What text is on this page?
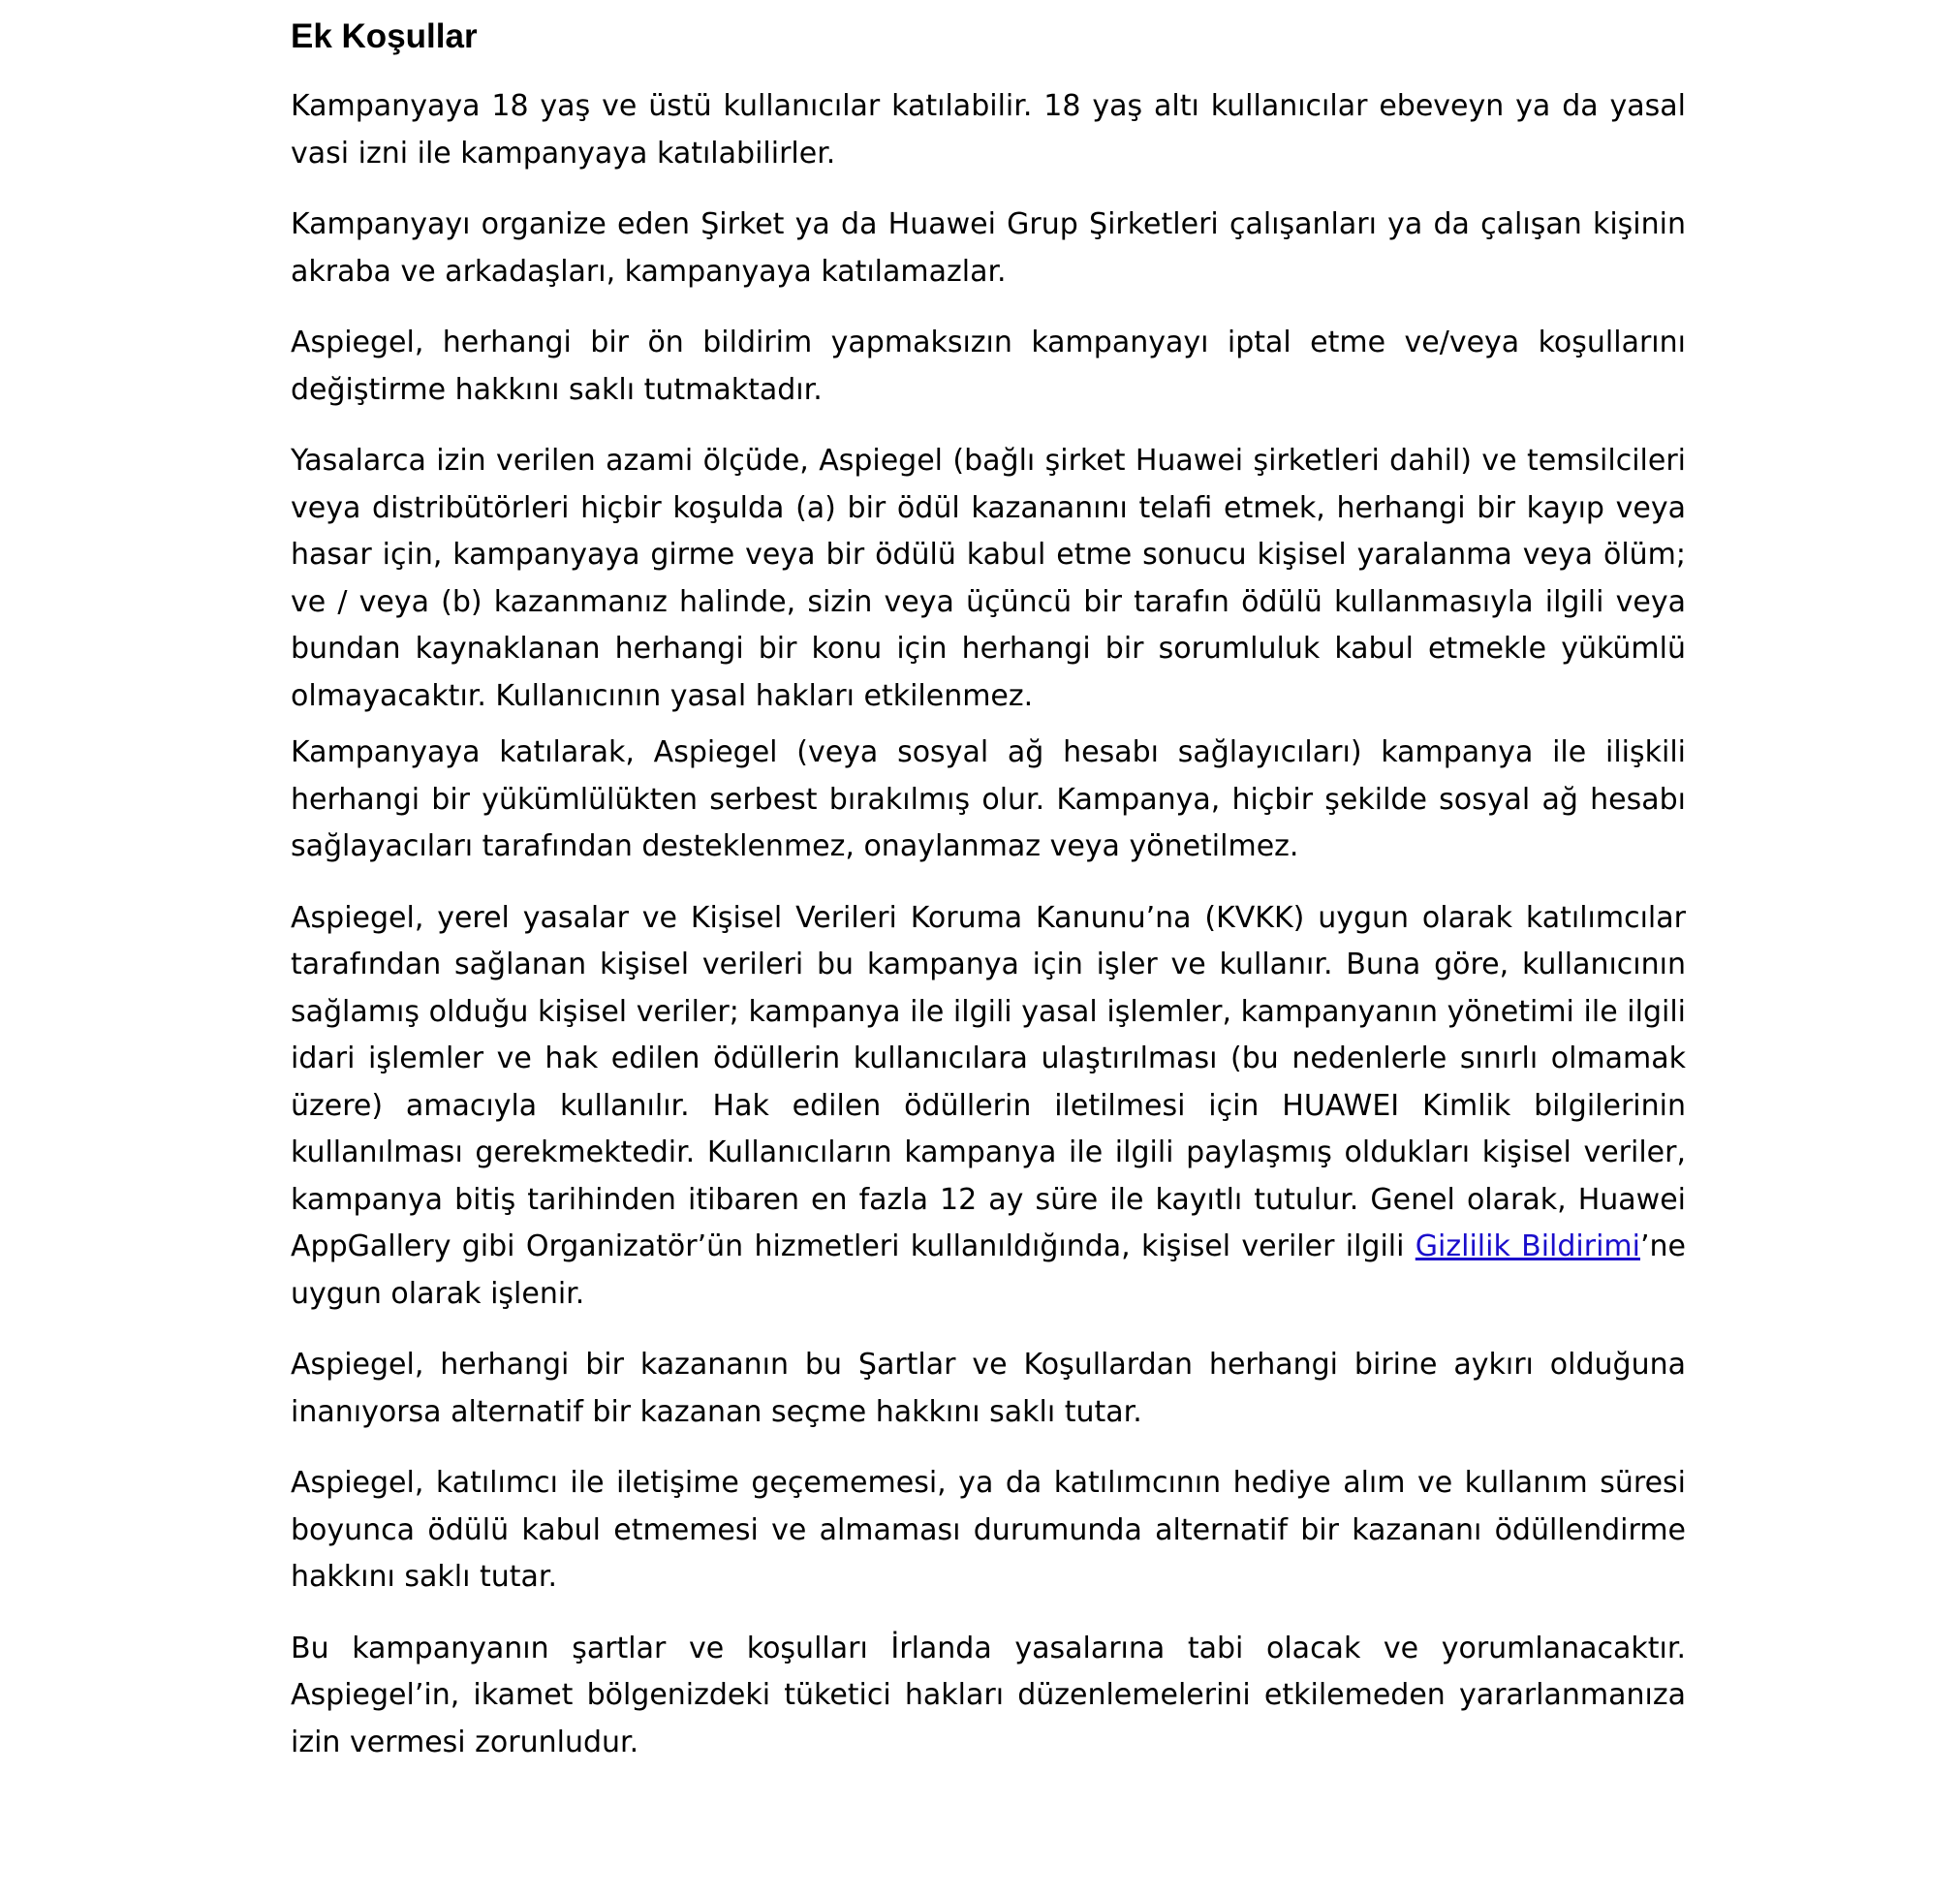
Ek Koşullar

Kampanyaya 18 yaş ve üstü kullanıcılar katılabilir. 18 yaş altı kullanıcılar ebeveyn ya da yasal vasi izni ile kampanyaya katılabilirler.

Kampanyayı organize eden Şirket ya da Huawei Grup Şirketleri çalışanları ya da çalışan kişinin akraba ve arkadaşları, kampanyaya katılamazlar.

Aspiegel, herhangi bir ön bildirim yapmaksızın kampanyayı iptal etme ve/veya koşullarını değiştirme hakkını saklı tutmaktadır.

Yasalarca izin verilen azami ölçüde, Aspiegel (bağlı şirket Huawei şirketleri dahil) ve temsilcileri veya distribütörleri hiçbir koşulda (a) bir ödül kazananını telafi etmek, herhangi bir kayıp veya hasar için, kampanyaya girme veya bir ödülü kabul etme sonucu kişisel yaralanma veya ölüm; ve / veya (b) kazanmanız halinde, sizin veya üçüncü bir tarafın ödülü kullanmasıyla ilgili veya bundan kaynaklanan herhangi bir konu için herhangi bir sorumluluk kabul etmekle yükümlü olmayacaktır. Kullanıcının yasal hakları etkilenmez.

Kampanyaya katılarak, Aspiegel (veya sosyal ağ hesabı sağlayıcıları) kampanya ile ilişkili herhangi bir yükümlülükten serbest bırakılmış olur. Kampanya, hiçbir şekilde sosyal ağ hesabı sağlayacıları tarafından desteklenmez, onaylanmaz veya yönetilmez.

Aspiegel, yerel yasalar ve Kişisel Verileri Koruma Kanunu’na (KVKK) uygun olarak katılımcılar tarafından sağlanan kişisel verileri bu kampanya için işler ve kullanır. Buna göre, kullanıcının sağlamış olduğu kişisel veriler; kampanya ile ilgili yasal işlemler, kampanyanın yönetimi ile ilgili idari işlemler ve hak edilen ödüllerin kullanıcılara ulaştırılması (bu nedenlerle sınırlı olmamak üzere) amacıyla kullanılır. Hak edilen ödüllerin iletilmesi için HUAWEI Kimlik bilgilerinin kullanılması gerekmektedir. Kullanıcıların kampanya ile ilgili paylaşmış oldukları kişisel veriler, kampanya bitiş tarihinden itibaren en fazla 12 ay süre ile kayıtlı tutulur. Genel olarak, Huawei AppGallery gibi Organizatör’ün hizmetleri kullanıldığında, kişisel veriler ilgili Gizlilik Bildirimi’ne uygun olarak işlenir.

Aspiegel, herhangi bir kazananın bu Şartlar ve Koşullardan herhangi birine aykırı olduğuna inanıyorsa alternatif bir kazanan seçme hakkını saklı tutar.

Aspiegel, katılımcı ile iletişime geçememesi, ya da katılımcının hediye alım ve kullanım süresi boyunca ödülü kabul etmemesi ve almaması durumunda alternatif bir kazananı ödüllendirme hakkını saklı tutar.

Bu kampanyanın şartlar ve koşulları İrlanda yasalarına tabi olacak ve yorumlanacaktır. Aspiegel’in, ikamet bölgenizdeki tüketici hakları düzenlemelerini etkilemeden yararlanmanıza izin vermesi zorunludur.
